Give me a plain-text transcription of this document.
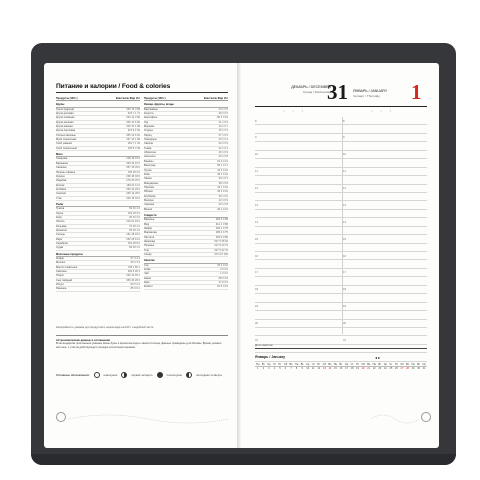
Питание и калории / Food & colories
Продукты (100 г)	Ккал Белк Жир Угл
Крупы
Греча (ядрица)	336 13 3 68
Крупа рисовая	323 7 1 71
Крупа пшённая	334 12 3 66
Крупа овсяная	345 12 6 60
Крупа манная	326 10 1 68
Крупа перловая	315 9 1 66
Хлопья овсяные	355 12 6 62
Мука пшеничная	327 10 1 68
Хлеб ржаной	181 7 1 34
Хлеб пшеничный	235 8 3 45
Мясо
Говядина	218 19 15 0
Баранина	209 16 15 0
Свинина	357 15 33 0
Печень говяжья	105 18 4 0
Курица	238 18 18 0
Индейка	276 20 22 0
Кролик	183 21 11 0
Колбаса	260 13 23 0
Сосиски	266 12 25 0
Утка	346 16 31 0
Рыба
Треска	69 16 1 0
Окунь	103 18 3 0
Карп	96 16 4 0
Лосось	219 21 15 0
Кальмар	75 18 1 0
Креветки	95 18 1 0
Сельдь	161 18 10 0
Икра	252 25 14 0
Скумбрия	153 18 9 0
Судак	83 18 1 0
Молочные продукты
Кефир	57 3 3 4
Молоко	60 3 3 5
Масло сливочное	748 1 82 1
Сметана	206 3 20 3
Творог	226 14 18 1
Сыр твёрдый	350 26 26 0
Йогурт	66 5 3 4
Ряженка	85 3 6 4
Продукты (100 г)	Ккал Белк Жир Угл
Овощи, фрукты, ягоды
Баклажаны	24 1 0 5
Капуста	28 2 0 5
Картофель	80 2 0 16
Лук	41 1 0 9
Морковь	34 1 0 7
Огурцы	15 1 0 3
Перец	27 1 0 5
Помидоры	23 1 0 4
Свёкла	42 2 0 9
Тыква	22 1 0 4
Абрикосы	46 1 0 9
Апельсин	40 1 0 8
Бананы	91 2 0 21
Виноград	69 1 0 17
Груша	42 0 0 10
Киви	48 1 0 10
Лимон	33 1 0 3
Мандарины	38 1 0 8
Персики	43 1 0 10
Яблоки	45 0 0 10
Клубника	30 1 0 6
Малина	42 1 0 9
Черника	40 1 0 8
Вишня	49 1 0 10
Сладости
Варенье	265 0 0 68
Мёд	314 1 0 80
Зефир	299 1 0 78
Мармелад	289 0 0 75
Пастила	305 0 0 80
Шоколад	547 5 35 52
Печенье	417 8 10 74
Торт	407 5 22 47
Сахар	374 0 0 100
Напитки
Сок	45 1 0 10
Кофе	2 0 0 0
Чай	1 0 0 0
Какао	68 3 3 8
Квас	27 0 0 5
Компот	60 0 0 15
Калорийность указана для продуктов в сыром виде на 100 г съедобной части.
Астрономические данные и соглашения
В календарном приложении указаны фазы Луны и время восхода и заката Солнца. Данные приведены для Москвы. Время указано местное, с учётом действующего порядка исчисления времени.
Условные обозначения:	новолуние	первая четверть	полнолуние	последняя четверть
ДЕКАБРЬ / DECEMBER
Среда / Wednesday
31 ЯНВАРЬ / JANUARY
Четверг / Thursday	1
☼ ☼ ☽	☼ ☼ ☽
8	8
9	9
10	10
11	11
12	12
13	13
14	14
15	15
16	16
17	17
18	18
19	19
20	20
21	21
Для заметок
Январь / January	◂ ▸
Пн Вт Ср Чт Пт Сб Вс Пн Вт Ср Чт Пт Сб Вс Пн Вт Ср Чт Пт Сб Вс Пн Вт Ср Чт Пт Сб Вс Пн Вт Ср
1	2	3	4	5	6	7	8	9	10	11	12	13	14	15	16	17	18	19	20	21	22	23	24	25	26	27	28	29	30	31
